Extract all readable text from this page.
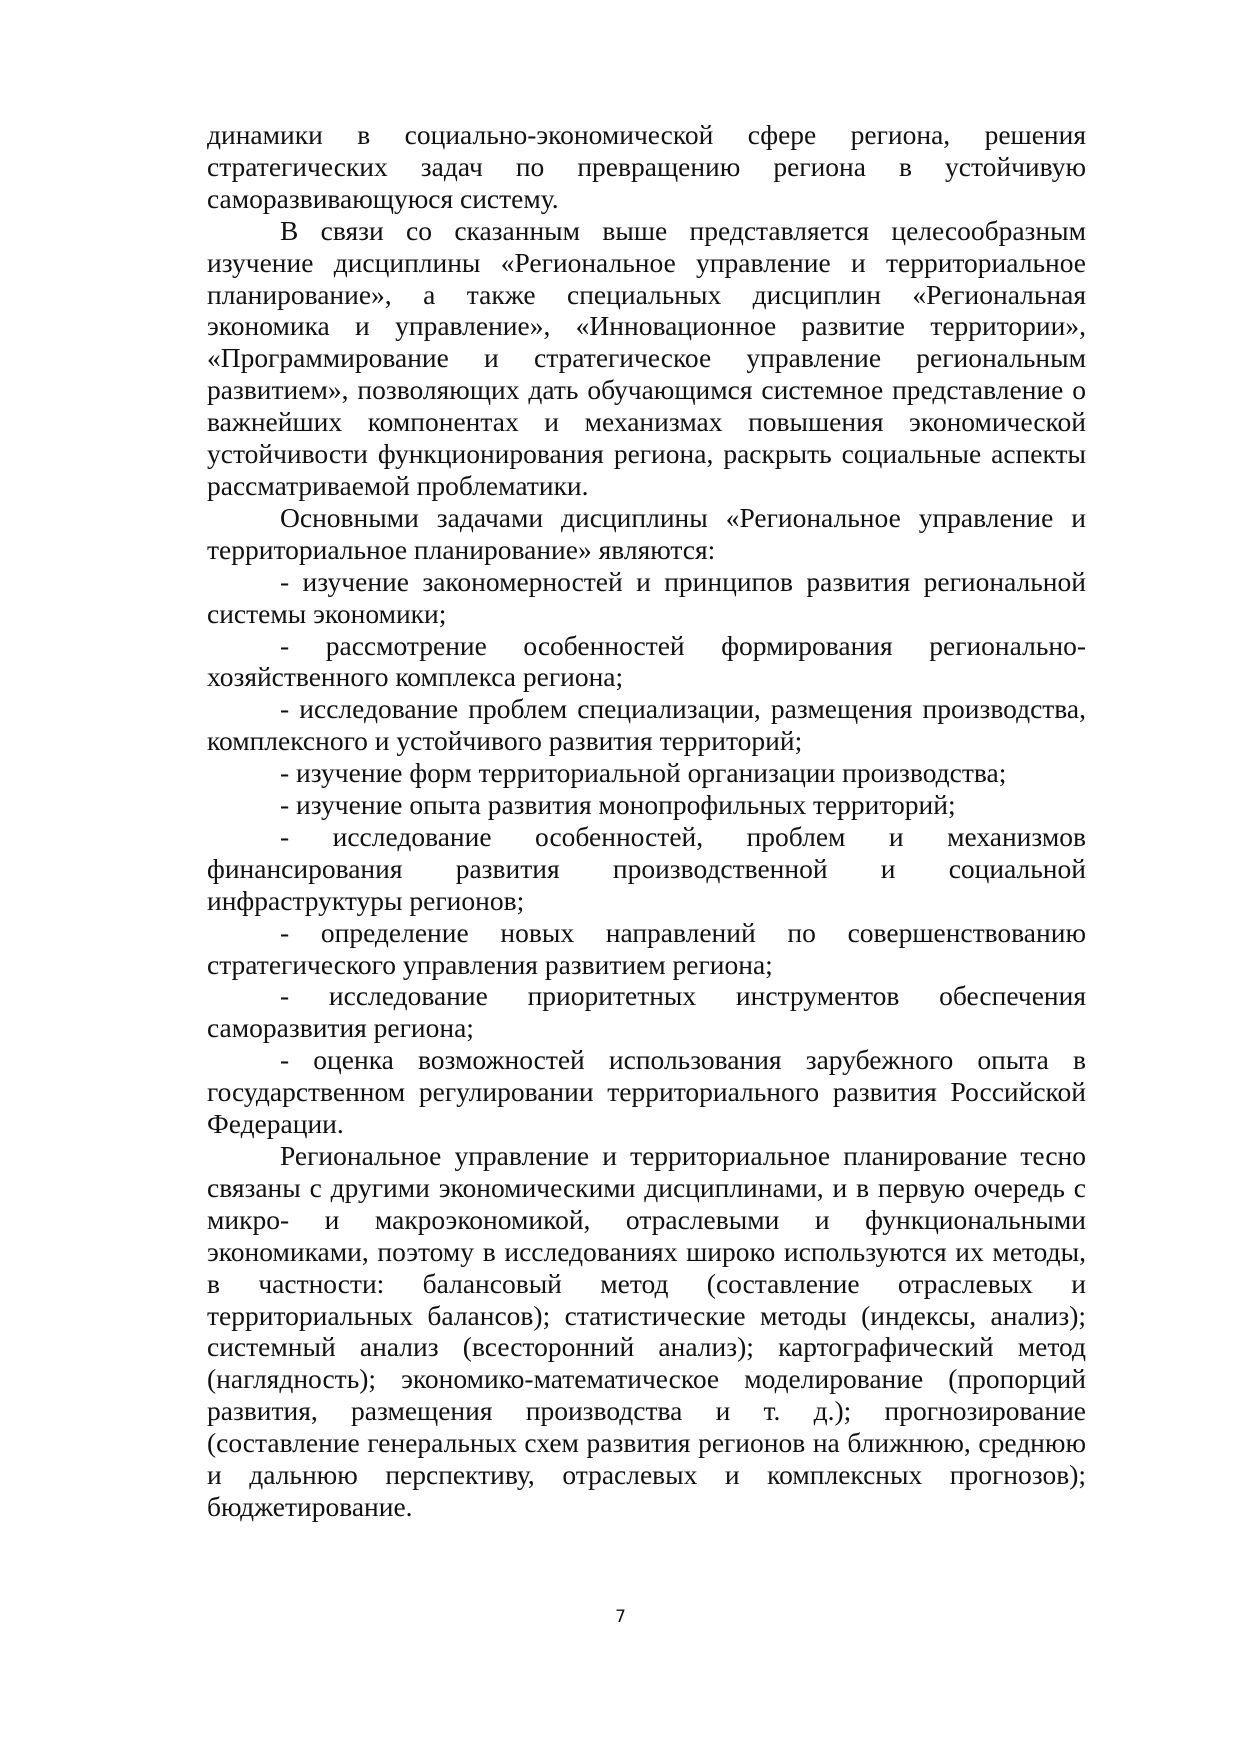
динамики в социально-экономической сфере региона, решения стратегических задач по превращению региона в устойчивую саморазвивающуюся систему.

В связи со сказанным выше представляется целесообразным изучение дисциплины «Региональное управление и территориальное планирование», а также специальных дисциплин «Региональная экономика и управление», «Инновационное развитие территории», «Программирование и стратегическое управление региональным развитием», позволяющих дать обучающимся системное представление о важнейших компонентах и механизмах повышения экономической устойчивости функционирования региона, раскрыть социальные аспекты рассматриваемой проблематики.

Основными задачами дисциплины «Региональное управление и территориальное планирование» являются:

- изучение закономерностей и принципов развития региональной системы экономики;

- рассмотрение особенностей формирования регионально-хозяйственного комплекса региона;

- исследование проблем специализации, размещения производства, комплексного и устойчивого развития территорий;

- изучение форм территориальной организации производства;

- изучение опыта развития монопрофильных территорий;

- исследование особенностей, проблем и механизмов финансирования развития производственной и социальной инфраструктуры регионов;

- определение новых направлений по совершенствованию стратегического управления развитием региона;

- исследование приоритетных инструментов обеспечения саморазвития региона;

- оценка возможностей использования зарубежного опыта в государственном регулировании территориального развития Российской Федерации.

Региональное управление и территориальное планирование тесно связаны с другими экономическими дисциплинами, и в первую очередь с микро- и макроэкономикой, отраслевыми и функциональными экономиками, поэтому в исследованиях широко используются их методы, в частности: балансовый метод (составление отраслевых и территориальных балансов); статистические методы (индексы, анализ); системный анализ (всесторонний анализ); картографический метод (наглядность); экономико-математическое моделирование (пропорций развития, размещения производства и т. д.); прогнозирование (составление генеральных схем развития регионов на ближнюю, среднюю и дальнюю перспективу, отраслевых и комплексных прогнозов); бюджетирование.

7
